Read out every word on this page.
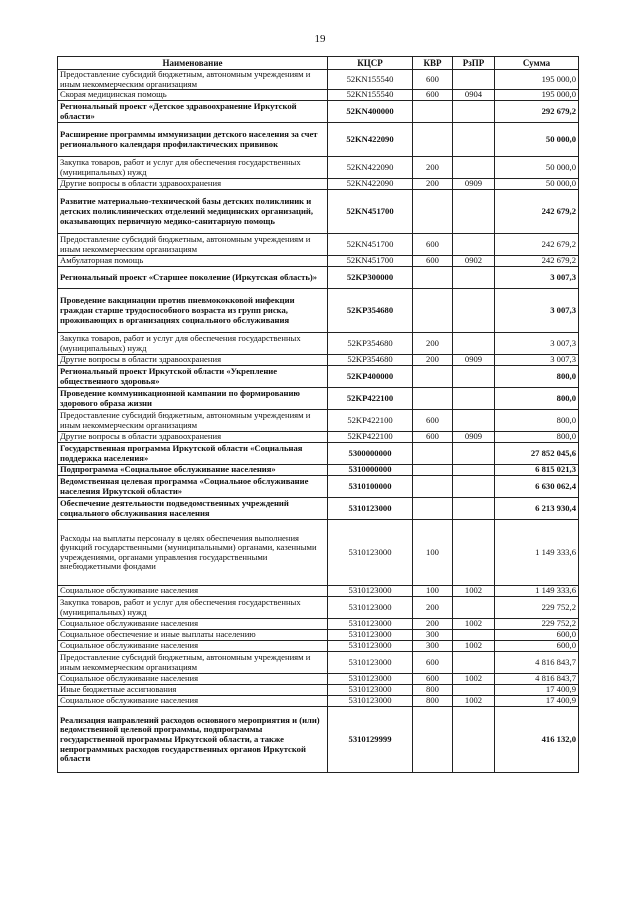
19
Наименование	КЦСР	КВР	РзПР	Сумма
Предоставление субсидий бюджетным, автономным учреждениям и иным некоммерческим организациям	52KN155540	600		195 000,0
Скорая медицинская помощь	52KN155540	600	0904	195 000,0
Региональный проект «Детское здравоохранение Иркутской области»	52KN400000			292 679,2
Расширение программы иммунизации детского населения за счет регионального календаря профилактических прививок	52KN422090			50 000,0
Закупка товаров, работ и услуг для обеспечения государственных (муниципальных) нужд	52KN422090	200		50 000,0
Другие вопросы в области здравоохранения	52KN422090	200	0909	50 000,0
Развитие материально-технической базы детских поликлиник и детских поликлинических отделений медицинских организаций, оказывающих первичную медико-санитарную помощь	52KN451700			242 679,2
Предоставление субсидий бюджетным, автономным учреждениям и иным некоммерческим организациям	52KN451700	600		242 679,2
Амбулаторная помощь	52KN451700	600	0902	242 679,2
Региональный проект «Старшее поколение (Иркутская область)»	52KP300000			3 007,3
Проведение вакцинации против пневмококковой инфекции граждан старше трудоспособного возраста из групп риска, проживающих в организациях социального обслуживания	52KP354680			3 007,3
Закупка товаров, работ и услуг для обеспечения государственных (муниципальных) нужд	52KP354680	200		3 007,3
Другие вопросы в области здравоохранения	52KP354680	200	0909	3 007,3
Региональный проект Иркутской области «Укрепление общественного здоровья»	52KP400000			800,0
Проведение коммуникационной кампании по формированию здорового образа жизни	52KP422100			800,0
Предоставление субсидий бюджетным, автономным учреждениям и иным некоммерческим организациям	52KP422100	600		800,0
Другие вопросы в области здравоохранения	52KP422100	600	0909	800,0
Государственная программа Иркутской области «Социальная поддержка населения»	5300000000			27 852 045,6
Подпрограмма «Социальное обслуживание населения»	5310000000			6 815 021,3
Ведомственная целевая программа «Социальное обслуживание населения Иркутской области»	5310100000			6 630 062,4
Обеспечение деятельности подведомственных учреждений социального обслуживания населения	5310123000			6 213 930,4
Расходы на выплаты персоналу в целях обеспечения выполнения функций государственными (муниципальными) органами, казенными учреждениями, органами управления государственными внебюджетными фондами	5310123000	100		1 149 333,6
Социальное обслуживание населения	5310123000	100	1002	1 149 333,6
Закупка товаров, работ и услуг для обеспечения государственных (муниципальных) нужд	5310123000	200		229 752,2
Социальное обслуживание населения	5310123000	200	1002	229 752,2
Социальное обеспечение и иные выплаты населению	5310123000	300		600,0
Социальное обслуживание населения	5310123000	300	1002	600,0
Предоставление субсидий бюджетным, автономным учреждениям и иным некоммерческим организациям	5310123000	600		4 816 843,7
Социальное обслуживание населения	5310123000	600	1002	4 816 843,7
Иные бюджетные ассигнования	5310123000	800		17 400,9
Социальное обслуживание населения	5310123000	800	1002	17 400,9
Реализация направлений расходов основного мероприятия и (или) ведомственной целевой программы, подпрограммы государственной программы Иркутской области, а также непрограммных расходов государственных органов Иркутской области	5310129999			416 132,0
